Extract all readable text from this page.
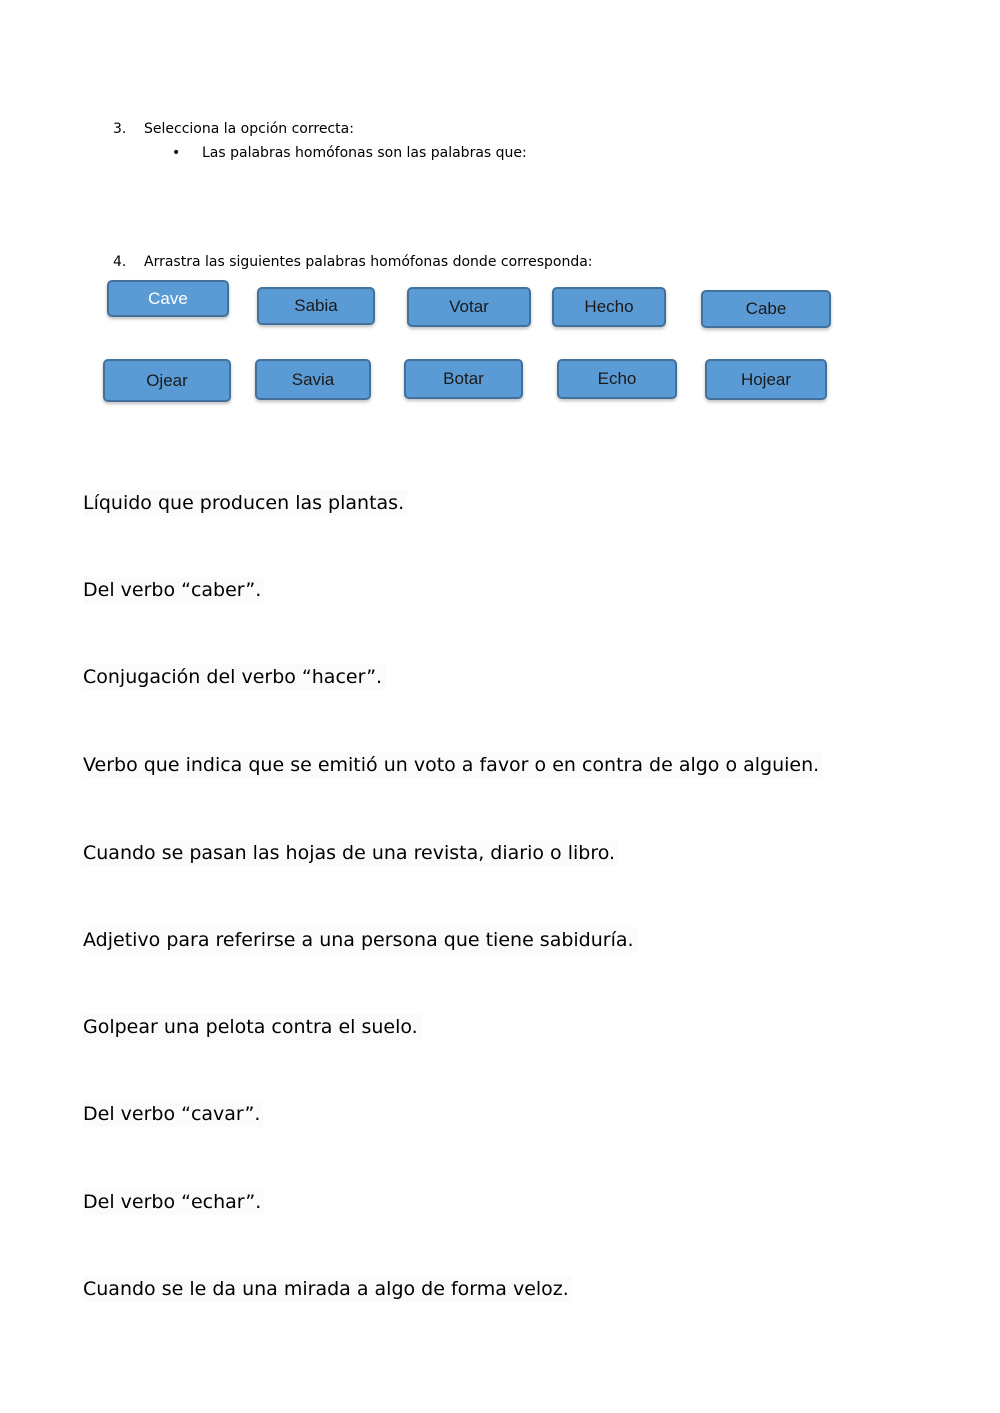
3. Selecciona la opción correcta:
• Las palabras homófonas son las palabras que:
4. Arrastra las siguientes palabras homófonas donde corresponda:
Cave	Sabia	Votar	Hecho	Cabe
Ojear	Savia	Botar	Echo	Hojear
Líquido que producen las plantas.
Del verbo “caber”.
Conjugación del verbo “hacer”.
Verbo que indica que se emitió un voto a favor o en contra de algo o alguien.
Cuando se pasan las hojas de una revista, diario o libro.
Adjetivo para referirse a una persona que tiene sabiduría.
Golpear una pelota contra el suelo.
Del verbo “cavar”.
Del verbo “echar”.
Cuando se le da una mirada a algo de forma veloz.
